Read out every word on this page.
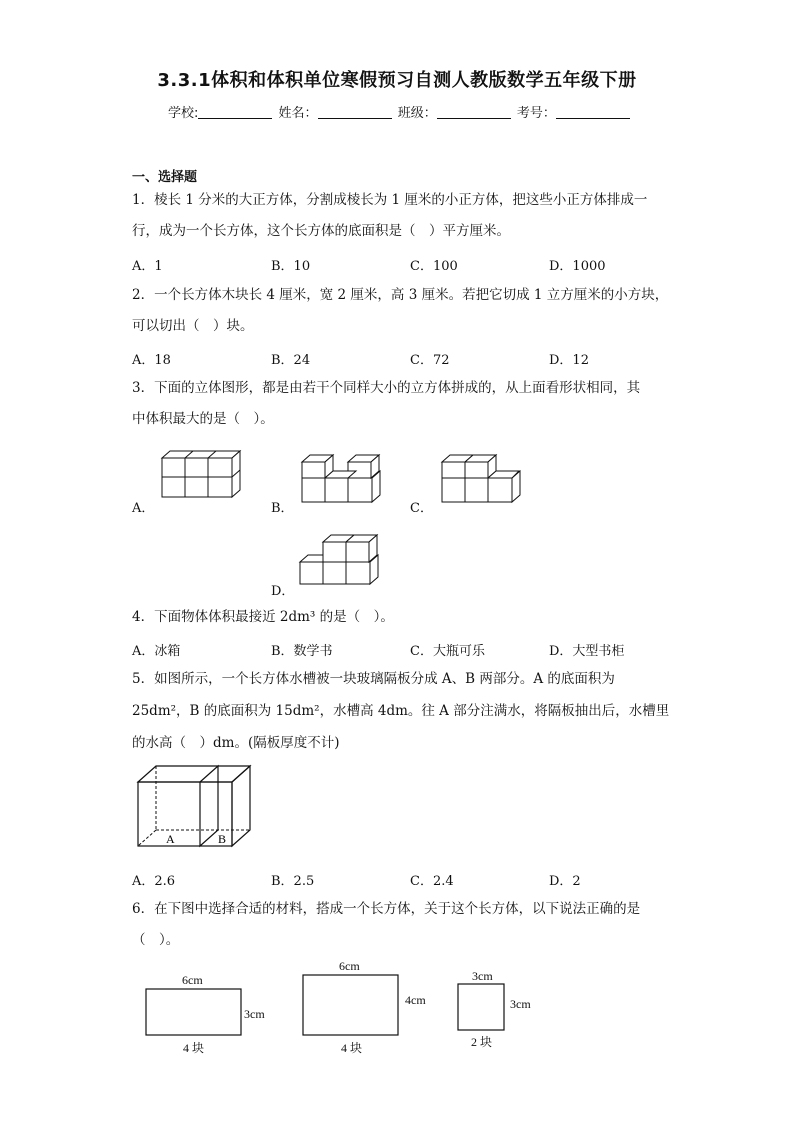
3.3.1体积和体积单位寒假预习自测人教版数学五年级下册
学校:	姓名：	班级：	考号：
一、选择题
1．棱长 1 分米的大正方体，分割成棱长为 1 厘米的小正方体，把这些小正方体排成一
行，成为一个长方体，这个长方体的底面积是（　）平方厘米。
A．1	B．10	C．100	D．1000
2．一个长方体木块长 4 厘米，宽 2 厘米，高 3 厘米。若把它切成 1 立方厘米的小方块，
可以切出（　）块。
A．18	B．24	C．72	D．12
3．下面的立体图形，都是由若干个同样大小的立方体拼成的，从上面看形状相同，其
中体积最大的是（　）。
A．	B．	C．
D．
4．下面物体体积最接近 2dm³ 的是（　）。
A．冰箱	B．数学书	C．大瓶可乐	D．大型书柜
5．如图所示，一个长方体水槽被一块玻璃隔板分成 A、B 两部分。A 的底面积为
25dm²，B 的底面积为 15dm²，水槽高 4dm。往 A 部分注满水，将隔板抽出后，水槽里
的水高（　）dm。(隔板厚度不计)
A	B
A．2.6	B．2.5	C．2.4	D．2
6．在下图中选择合适的材料，搭成一个长方体，关于这个长方体，以下说法正确的是
（　）。
6cm
3cm
4 块
6cm
4cm
4 块
3cm
3cm
2 块
